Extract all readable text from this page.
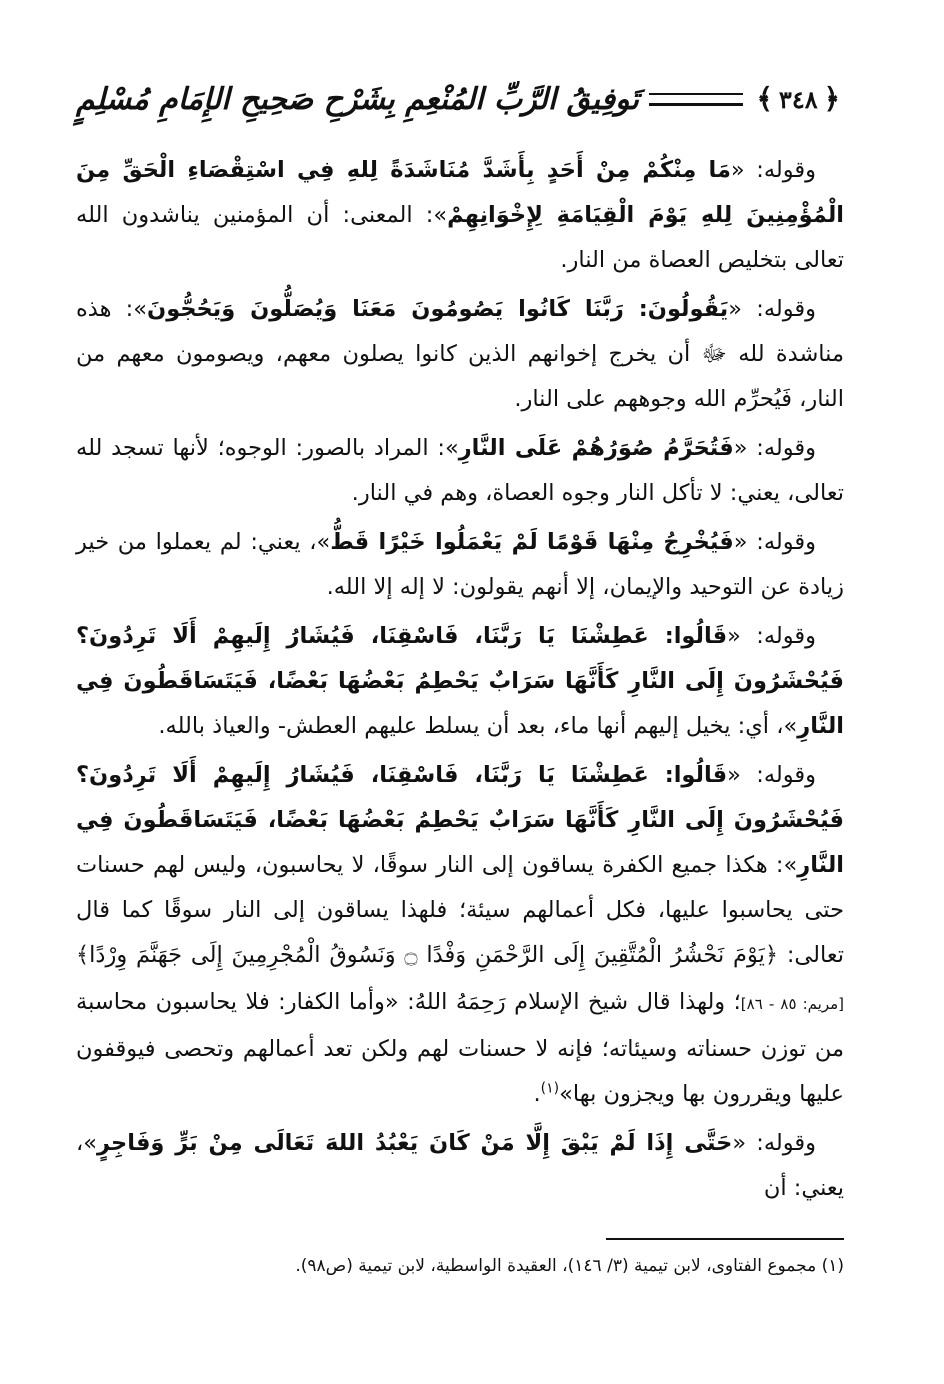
﴿
٣٤٨
﴾
تَوفِيقُ الرَّبِّ المُنْعِمِ بِشَرْحِ صَحِيحِ الإِمَامِ مُسْلِمٍ

وقوله: «مَا مِنْكُمْ مِنْ أَحَدٍ بِأَشَدَّ مُنَاشَدَةً لِلهِ فِي اسْتِقْصَاءِ الْحَقِّ مِنَ الْمُؤْمِنِينَ لِلهِ يَوْمَ الْقِيَامَةِ لِإِخْوَانِهِمْ»: المعنى: أن المؤمنين يناشدون الله تعالى بتخليص العصاة من النار.

وقوله: «يَقُولُونَ: رَبَّنَا كَانُوا يَصُومُونَ مَعَنَا وَيُصَلُّونَ وَيَحُجُّونَ»: هذه مناشدة لله ﷻ أن يخرج إخوانهم الذين كانوا يصلون معهم، ويصومون معهم من النار، فَيُحرِّم الله وجوههم على النار.

وقوله: «فَتُحَرَّمُ صُوَرُهُمْ عَلَى النَّارِ»: المراد بالصور: الوجوه؛ لأنها تسجد لله تعالى، يعني: لا تأكل النار وجوه العصاة، وهم في النار.

وقوله: «فَيُخْرِجُ مِنْهَا قَوْمًا لَمْ يَعْمَلُوا خَيْرًا قَطُّ»، يعني: لم يعملوا من خير زيادة عن التوحيد والإيمان، إلا أنهم يقولون: لا إله إلا الله.

وقوله: «قَالُوا: عَطِشْنَا يَا رَبَّنَا، فَاسْقِنَا، فَيُشَارُ إِلَيهِمْ أَلَا تَرِدُونَ؟ فَيُحْشَرُونَ إِلَى النَّارِ كَأَنَّهَا سَرَابٌ يَحْطِمُ بَعْضُهَا بَعْضًا، فَيَتَسَاقَطُونَ فِي النَّارِ»، أي: يخيل إليهم أنها ماء، بعد أن يسلط عليهم العطش- والعياذ بالله.

وقوله: «قَالُوا: عَطِشْنَا يَا رَبَّنَا، فَاسْقِنَا، فَيُشَارُ إِلَيهِمْ أَلَا تَرِدُونَ؟ فَيُحْشَرُونَ إِلَى النَّارِ كَأَنَّهَا سَرَابٌ يَحْطِمُ بَعْضُهَا بَعْضًا، فَيَتَسَاقَطُونَ فِي النَّارِ»: هكذا جميع الكفرة يساقون إلى النار سوقًا، لا يحاسبون، وليس لهم حسنات حتى يحاسبوا عليها، فكل أعمالهم سيئة؛ فلهذا يساقون إلى النار سوقًا كما قال تعالى: ﴿يَوْمَ نَحْشُرُ الْمُتَّقِينَ إِلَى الرَّحْمَنِ وَفْدًا ۝ وَنَسُوقُ الْمُجْرِمِينَ إِلَى جَهَنَّمَ وِرْدًا﴾ [مريم: ٨٥ - ٨٦]؛ ولهذا قال شيخ الإسلام رَحِمَهُ اللهُ: «وأما الكفار: فلا يحاسبون محاسبة من توزن حسناته وسيئاته؛ فإنه لا حسنات لهم ولكن تعد أعمالهم وتحصى فيوقفون عليها ويقررون بها ويجزون بها»$^{(١)}$.

وقوله: «حَتَّى إِذَا لَمْ يَبْقَ إِلَّا مَنْ كَانَ يَعْبُدُ اللهَ تَعَالَى مِنْ بَرٍّ وَفَاجِرٍ»، يعني: أن

(١) مجموع الفتاوى، لابن تيمية (٣/ ١٤٦)، العقيدة الواسطية، لابن تيمية (ص٩٨).
